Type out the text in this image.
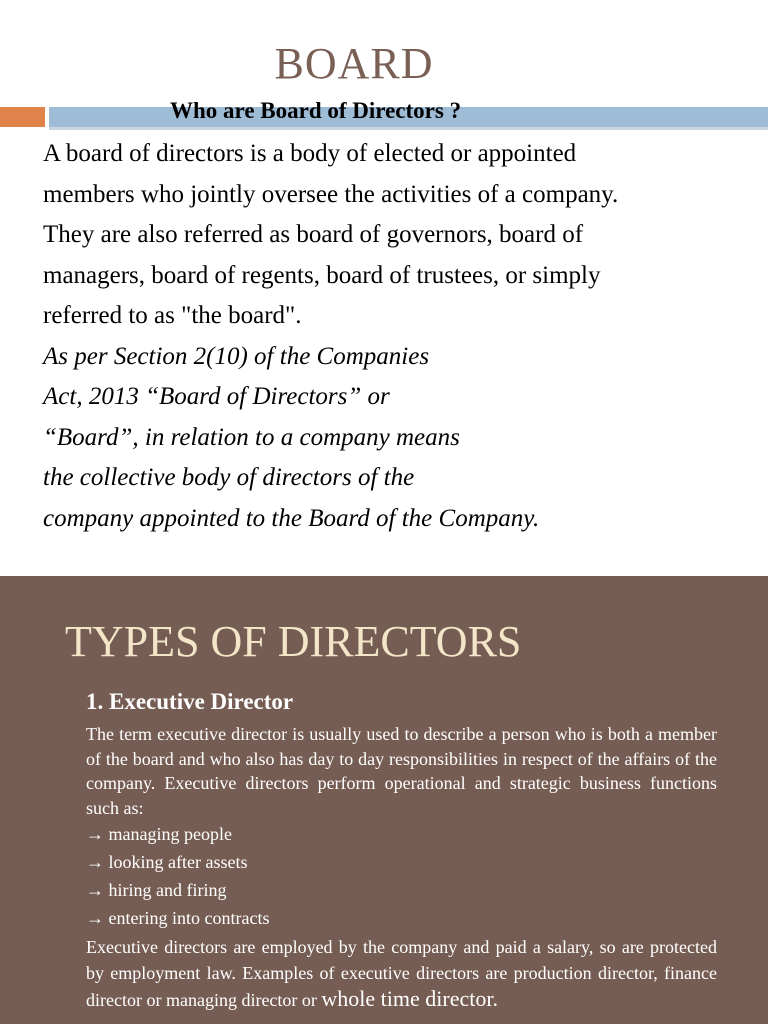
BOARD
Who are Board of Directors ?

A board of directors is a body of elected or appointed

members who jointly oversee the activities of a company.

They are also referred as board of governors, board of

managers, board of regents, board of trustees, or simply

referred to as "the board".

As per Section 2(10) of the Companies

Act, 2013 “Board of Directors” or

“Board”, in relation to a company means

the collective body of directors of the

company appointed to the Board of the Company.

TYPES OF DIRECTORS
1. Executive Director

The term executive director is usually used to describe a person who is both a member of the board and who also has day to day responsibilities in respect of the affairs of the company. Executive directors perform operational and strategic business functions such as:

→ managing people

→ looking after assets

→ hiring and firing

→ entering into contracts

Executive directors are employed by the company and paid a salary, so are protected by employment law. Examples of executive directors are production director, finance director or managing director or whole time director.
